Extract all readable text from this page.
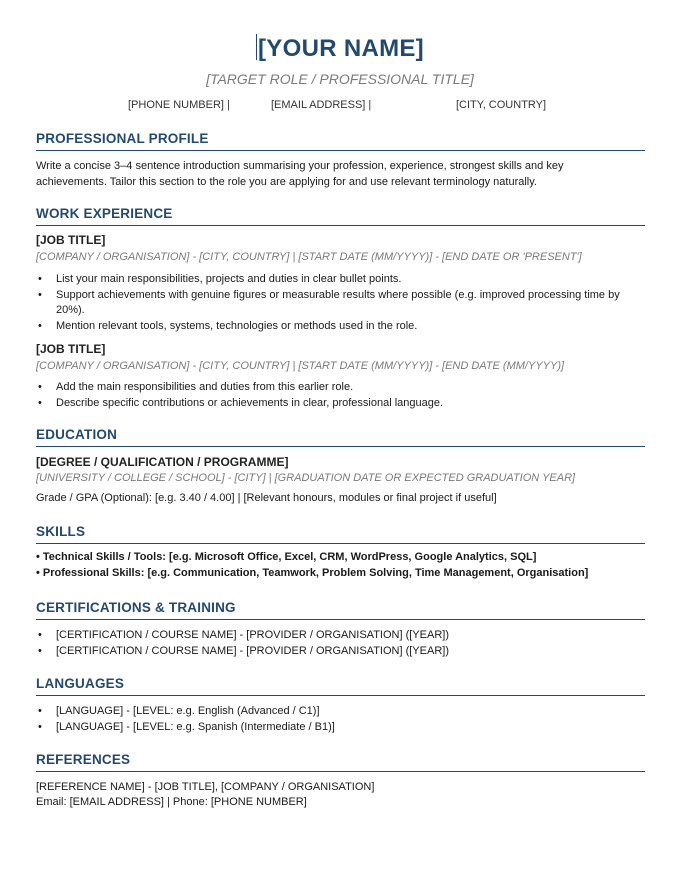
[YOUR NAME]
[TARGET ROLE / PROFESSIONAL TITLE]
[PHONE NUMBER] |	[EMAIL ADDRESS] |	[CITY, COUNTRY]
PROFESSIONAL PROFILE
Write a concise 3–4 sentence introduction summarising your profession, experience, strongest skills and key achievements. Tailor this section to the role you are applying for and use relevant terminology naturally.
WORK EXPERIENCE
[JOB TITLE]
[COMPANY / ORGANISATION] - [CITY, COUNTRY] | [START DATE (MM/YYYY)] - [END DATE OR 'PRESENT']
• List your main responsibilities, projects and duties in clear bullet points.
• Support achievements with genuine figures or measurable results where possible (e.g. improved processing time by 20%).
• Mention relevant tools, systems, technologies or methods used in the role.
[JOB TITLE]
[COMPANY / ORGANISATION] - [CITY, COUNTRY] | [START DATE (MM/YYYY)] - [END DATE (MM/YYYY)]
• Add the main responsibilities and duties from this earlier role.
• Describe specific contributions or achievements in clear, professional language.
EDUCATION
[DEGREE / QUALIFICATION / PROGRAMME]
[UNIVERSITY / COLLEGE / SCHOOL] - [CITY] | [GRADUATION DATE OR EXPECTED GRADUATION YEAR]
Grade / GPA (Optional): [e.g. 3.40 / 4.00] | [Relevant honours, modules or final project if useful]
SKILLS
• Technical Skills / Tools: [e.g. Microsoft Office, Excel, CRM, WordPress, Google Analytics, SQL]
• Professional Skills: [e.g. Communication, Teamwork, Problem Solving, Time Management, Organisation]
CERTIFICATIONS & TRAINING
• [CERTIFICATION / COURSE NAME] - [PROVIDER / ORGANISATION] ([YEAR])
• [CERTIFICATION / COURSE NAME] - [PROVIDER / ORGANISATION] ([YEAR])
LANGUAGES
• [LANGUAGE] - [LEVEL: e.g. English (Advanced / C1)]
• [LANGUAGE] - [LEVEL: e.g. Spanish (Intermediate / B1)]
REFERENCES
[REFERENCE NAME] - [JOB TITLE], [COMPANY / ORGANISATION]
Email: [EMAIL ADDRESS] | Phone: [PHONE NUMBER]
